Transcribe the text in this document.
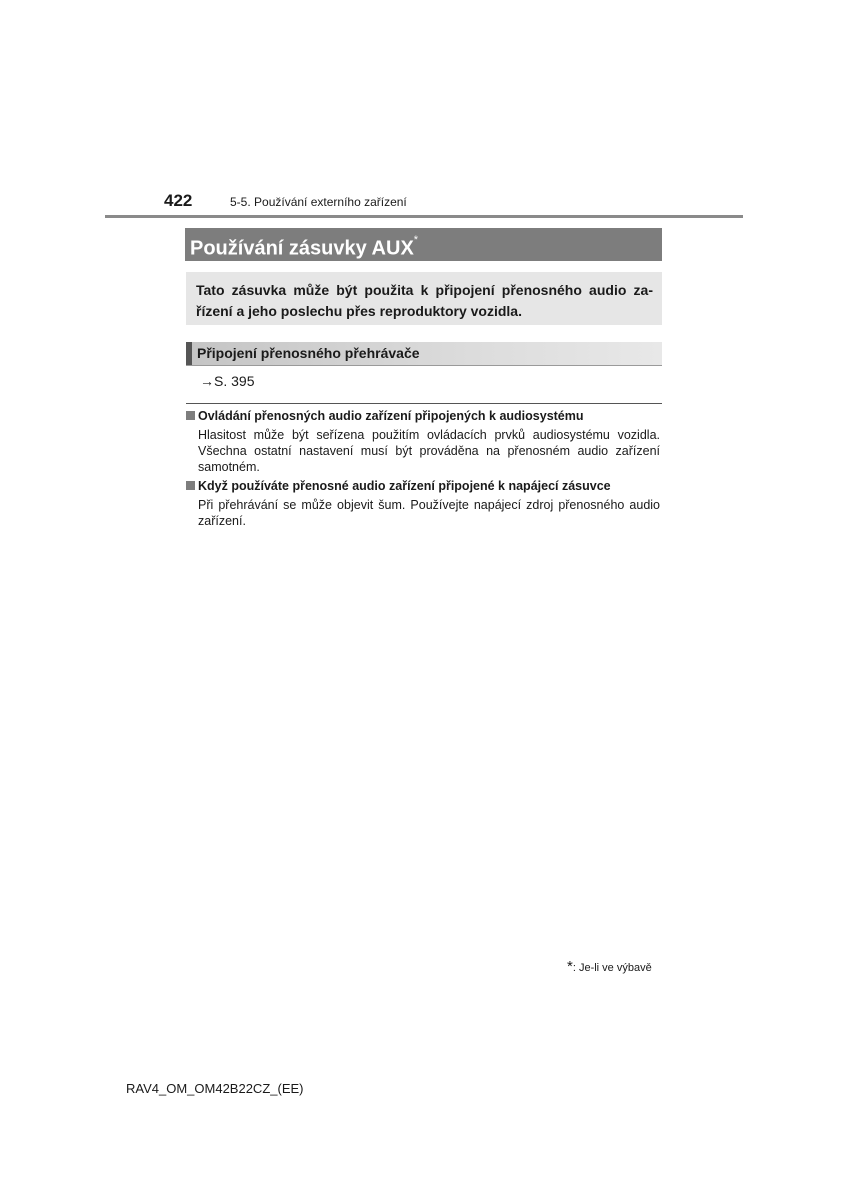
422	5-5. Používání externího zařízení
Používání zásuvky AUX*
Tato zásuvka může být použita k připojení přenosného audio za-řízení a jeho poslechu přes reproduktory vozidla.
Připojení přenosného přehrávače
→S. 395
Ovládání přenosných audio zařízení připojených k audiosystému
Hlasitost může být seřízena použitím ovládacích prvků audiosystému vozidla. Všechna ostatní nastavení musí být prováděna na přenosném audio zařízení samotném.
Když používáte přenosné audio zařízení připojené k napájecí zásuvce
Při přehrávání se může objevit šum. Používejte napájecí zdroj přenosného audio zařízení.
*: Je-li ve výbavě
RAV4_OM_OM42B22CZ_(EE)
